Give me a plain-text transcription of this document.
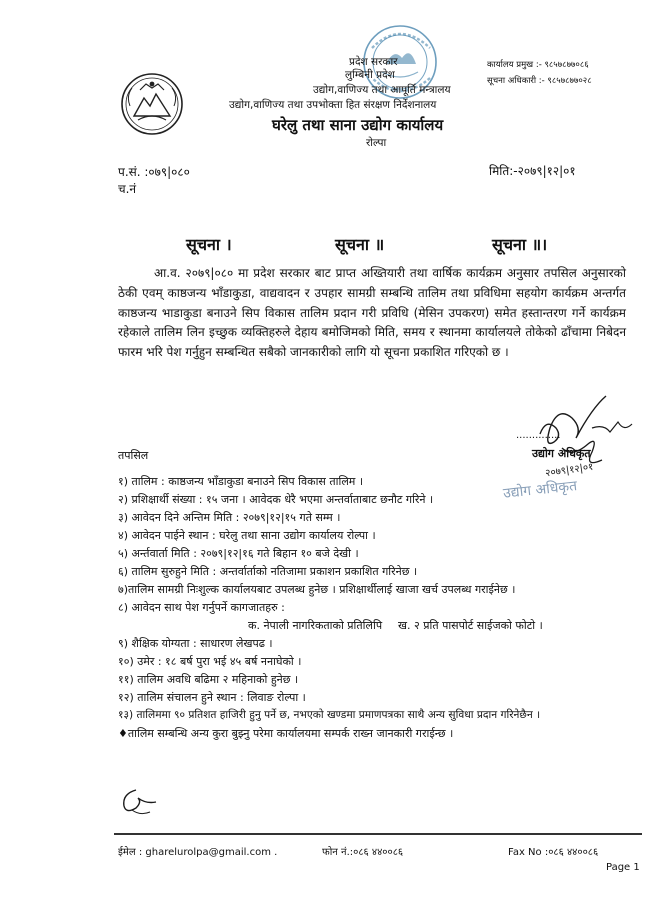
प्रदेश सरकार
लुम्बिनी प्रदेश
उद्योग,वाणिज्य तथा आपूर्ति मन्त्रालय
उद्योग,वाणिज्य तथा उपभोक्ता हित संरक्षण निर्देशनालय
घरेलु तथा साना उद्योग कार्यालय
रोल्पा
कार्यालय प्रमुख :- ९८५७८७७०८६
सूचना अधिकारी :- ९८५७८७७०२८
प.सं. :०७९|०८०
च.नं
मिति:-२०७९|१२|०१
सूचना ।	सूचना ॥	सूचना ॥।

आ.व. २०७९|०८० मा प्रदेश सरकार बाट प्राप्त अख्तियारी तथा वार्षिक कार्यक्रम अनुसार तपसिल अनुसारको ठेकी एवम् काष्ठजन्य भाँडाकुडा, वाद्यवादन र उपहार सामग्री सम्बन्धि तालिम तथा प्रविधिमा सहयोग कार्यक्रम अन्तर्गत काष्ठजन्य भाडाकुडा बनाउने सिप विकास तालिम प्रदान गरी प्रविधि (मेसिन उपकरण) समेत हस्तान्तरण गर्ने कार्यक्रम रहेकाले तालिम लिन इच्छुक व्यक्तिहरुले देहाय बमोजिमको मिति, समय र स्थानमा कार्यालयले तोकेको ढाँचामा निबेदन फारम भरि पेश गर्नुहुन सम्बन्धित सबैको जानकारीको लागि यो सूचना प्रकाशित गरिएको छ ।

..............
उद्योग अधिकृत
२०७९|१२|०१
उद्योग अधिकृत
तपसिल
१) तालिम : काष्ठजन्य भाँडाकुडा बनाउने सिप विकास तालिम ।
२) प्रशिक्षार्थी संख्या : १५ जना । आवेदक धेरै भएमा अन्तर्वाताबाट छनौट गरिने ।
३) आवेदन दिने अन्तिम मिति : २०७९|१२|१५ गते सम्म ।
४) आवेदन पाईने स्थान : घरेलु तथा साना उद्योग कार्यालय रोल्पा ।
५) अर्न्तवार्ता मिति : २०७९|१२|१६ गते बिहान १० बजे देखी ।
६) तालिम सुरुहुने मिति : अन्तर्वार्ताको नतिजामा प्रकाशन प्रकाशित गरिनेछ ।
७)तालिम सामग्री निःशुल्क कार्यालयबाट उपलब्ध हुनेछ । प्रशिक्षार्थीलाई खाजा खर्च उपलब्ध गराईनेछ ।
८) आवेदन साथ पेश गर्नुपर्ने कागजातहरु :
क. नेपाली नागरिकताको प्रतिलिपि ख. २ प्रति पासपोर्ट साईजको फोटो ।
९) शैक्षिक योग्यता : साधारण लेखपढ ।
१०) उमेर : १८ बर्ष पुरा भई ४५ बर्ष ननाघेको ।
११) तालिम अवधि बढिमा २ महिनाको हुनेछ ।
१२) तालिम संचालन हुने स्थान : लिवाङ रोल्पा ।
१३) तालिममा ९० प्रतिशत हाजिरी हुनु पर्ने छ, नभएको खण्डमा प्रमाणपत्रका साथै अन्य सुविधा प्रदान गरिनेछैन ।
♦तालिम सम्बन्धि अन्य कुरा बुझ्नु परेमा कार्यालयमा सम्पर्क राख्न जानकारी गराईन्छ ।
ईमेल : gharelurolpa@gmail.com .	फोन नं.:०८६ ४४००८६	Fax No :०८६ ४४००८६
Page 1
